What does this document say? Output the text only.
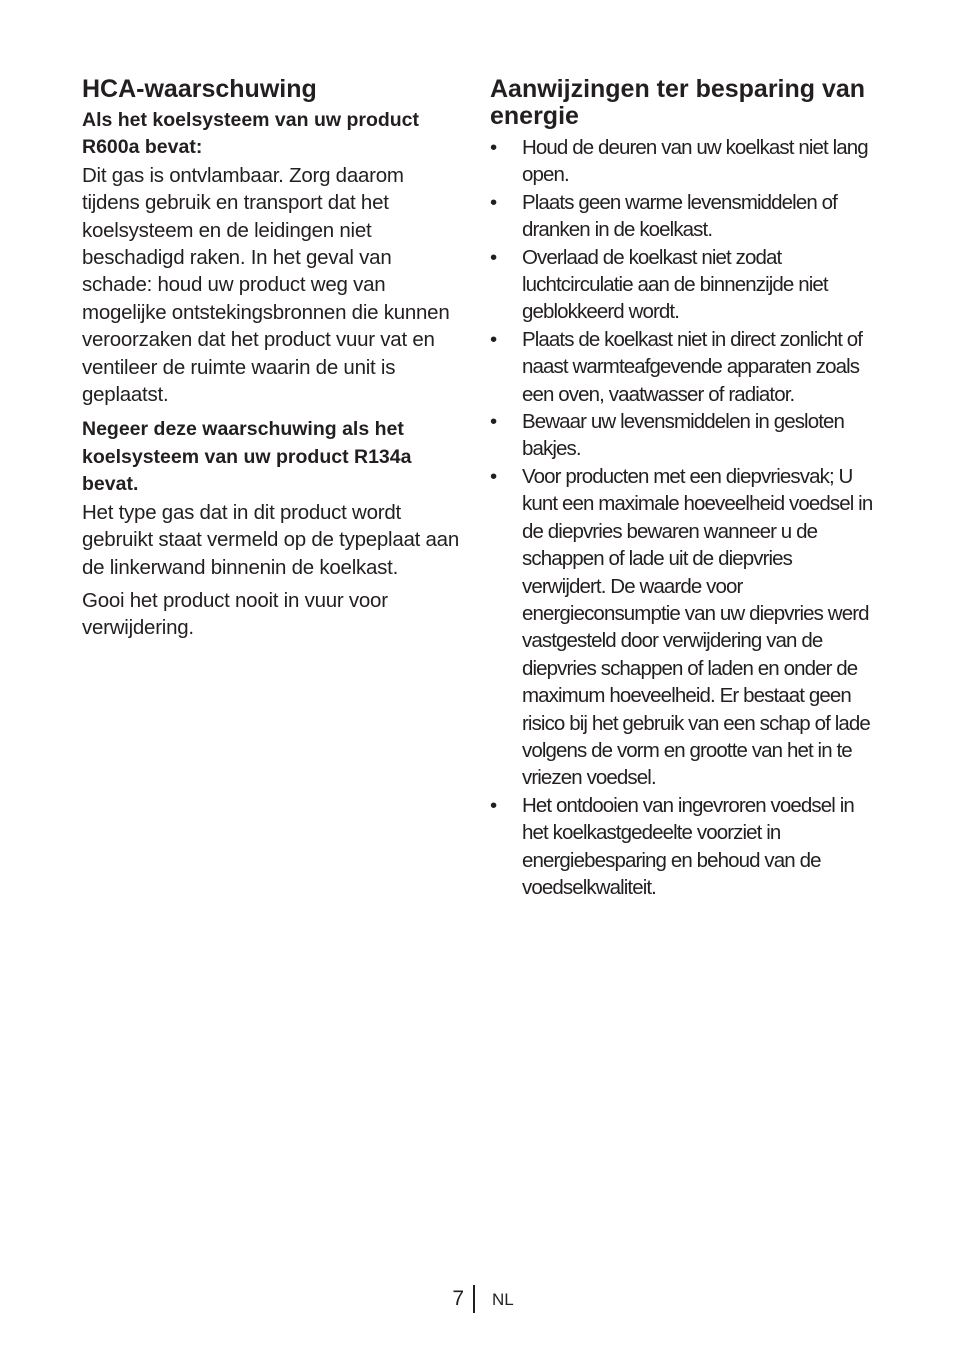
HCA-waarschuwing
Als het koelsysteem van uw product R600a bevat:

Dit gas is ontvlambaar. Zorg daarom tijdens gebruik en transport dat het koelsysteem en de leidingen niet beschadigd raken. In het geval van schade: houd uw product weg van mogelijke ontstekingsbronnen die kunnen veroorzaken dat het product vuur vat en ventileer de ruimte waarin de unit is geplaatst.

Negeer deze waarschuwing als het koelsysteem van uw product R134a bevat.

Het type gas dat in dit product wordt gebruikt staat vermeld op de typeplaat aan de linkerwand binnenin de koelkast.

Gooi het product nooit in vuur voor verwijdering.

Aanwijzingen ter besparing van energie
• Houd de deuren van uw koelkast niet lang open.
• Plaats geen warme levensmiddelen of dranken in de koelkast.
• Overlaad de koelkast niet zodat luchtcirculatie aan de binnenzijde niet geblokkeerd wordt.
• Plaats de koelkast niet in direct zonlicht of naast warmteafgevende apparaten zoals een oven, vaatwasser of radiator.
• Bewaar uw levensmiddelen in gesloten bakjes.
• Voor producten met een diepvriesvak; U kunt een maximale hoeveelheid voedsel in de diepvries bewaren wanneer u de schappen of lade uit de diepvries verwijdert. De waarde voor energieconsumptie van uw diepvries werd vastgesteld door verwijdering van de diepvries schappen of laden en onder de maximum hoeveelheid. Er bestaat geen risico bij het gebruik van een schap of lade volgens de vorm en grootte van het in te vriezen voedsel.
• Het ontdooien van ingevroren voedsel in het koelkastgedeelte voorziet in energiebesparing en behoud van de voedselkwaliteit.
7 NL
